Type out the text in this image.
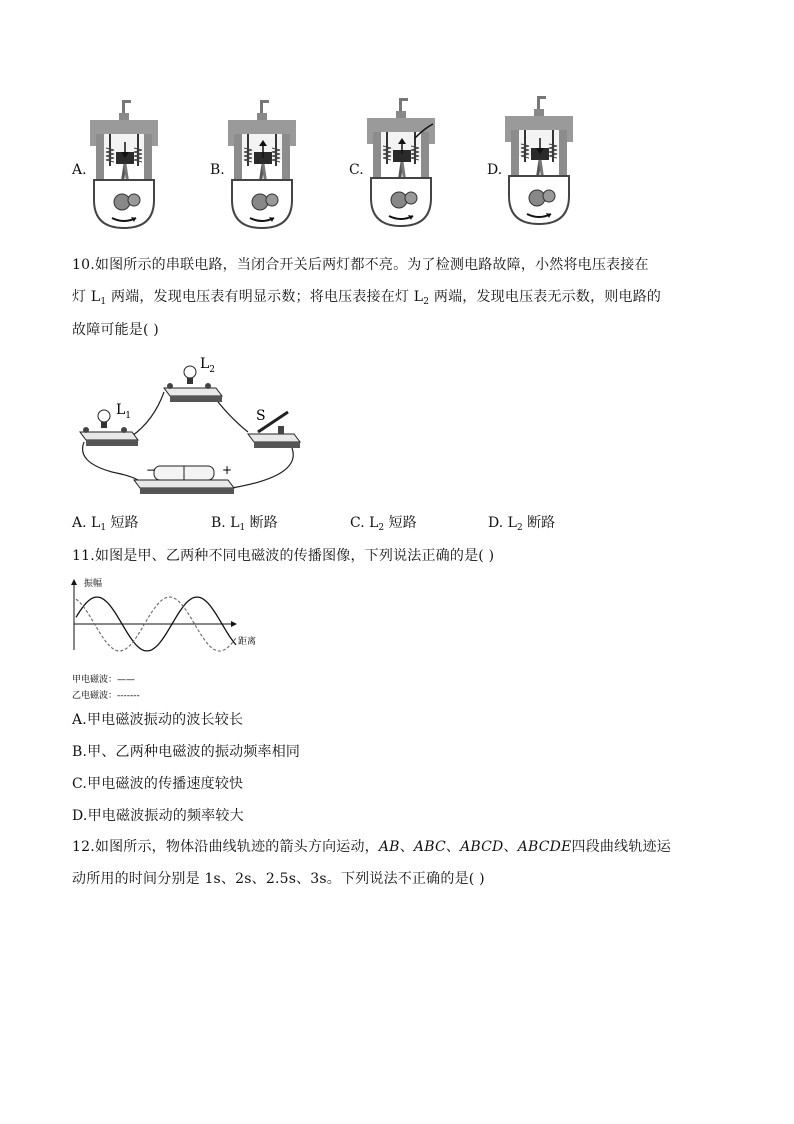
A.	B.	C.	D.
10.如图所示的串联电路，当闭合开关后两灯都不亮。为了检测电路故障，小然将电压表接在
灯 $L_1$ 两端，发现电压表有明显示数；将电压表接在灯 $L_2$ 两端，发现电压表无示数，则电路的
故障可能是( )
$L_1$
$L_2$
S
−	+
A. $L_1$ 短路	B. $L_1$ 断路	C. $L_2$ 短路	D. $L_2$ 断路
11.如图是甲、乙两种不同电磁波的传播图像，下列说法正确的是( )
振幅
距离
甲电磁波：——
乙电磁波：-------
A.甲电磁波振动的波长较长
B.甲、乙两种电磁波的振动频率相同
C.甲电磁波的传播速度较快
D.甲电磁波振动的频率较大
12.如图所示，物体沿曲线轨迹的箭头方向运动，AB、ABC、ABCD、ABCDE四段曲线轨迹运
动所用的时间分别是 1s、2s、2.5s、3s。下列说法不正确的是( )
